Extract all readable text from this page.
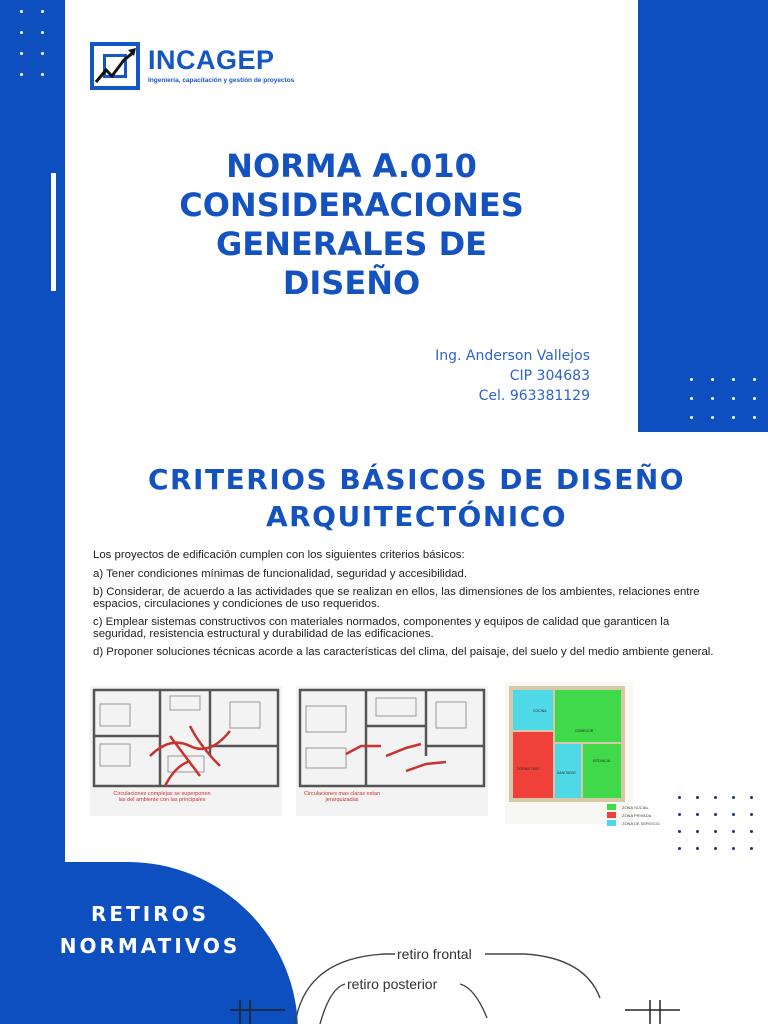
INCAGEP
Ingeniería, capacitación y gestión de proyectos
NORMA A.010
CONSIDERACIONES
GENERALES DE
DISEÑO
Ing. Anderson Vallejos
CIP 304683
Cel. 963381129
CRITERIOS BÁSICOS DE DISEÑO
ARQUITECTÓNICO

Los proyectos de edificación cumplen con los siguientes criterios básicos:

a) Tener condiciones mínimas de funcionalidad, seguridad y accesibilidad.

b) Considerar, de acuerdo a las actividades que se realizan en ellos, las dimensiones de los ambientes, relaciones entre espacios, circulaciones y condiciones de uso requeridos.

c) Emplear sistemas constructivos con materiales normados, componentes y equipos de calidad que garanticen la seguridad, resistencia estructural y durabilidad de las edificaciones.

d) Proponer soluciones técnicas acorde a las características del clima, del paisaje, del suelo y del medio ambiente general.

Circulaciones complejas se superponen las del ambiente con las principales
Circulaciones mas claras estan jerarquizadas
COCINA
COMEDOR
DORMITORIO
SANITARIO
ESTANCIA
ZONA SOCIAL
ZONA PRIVADA
ZONA DE SERVICIO
RETIROS
NORMATIVOS	retiro frontal
retiro posterior
